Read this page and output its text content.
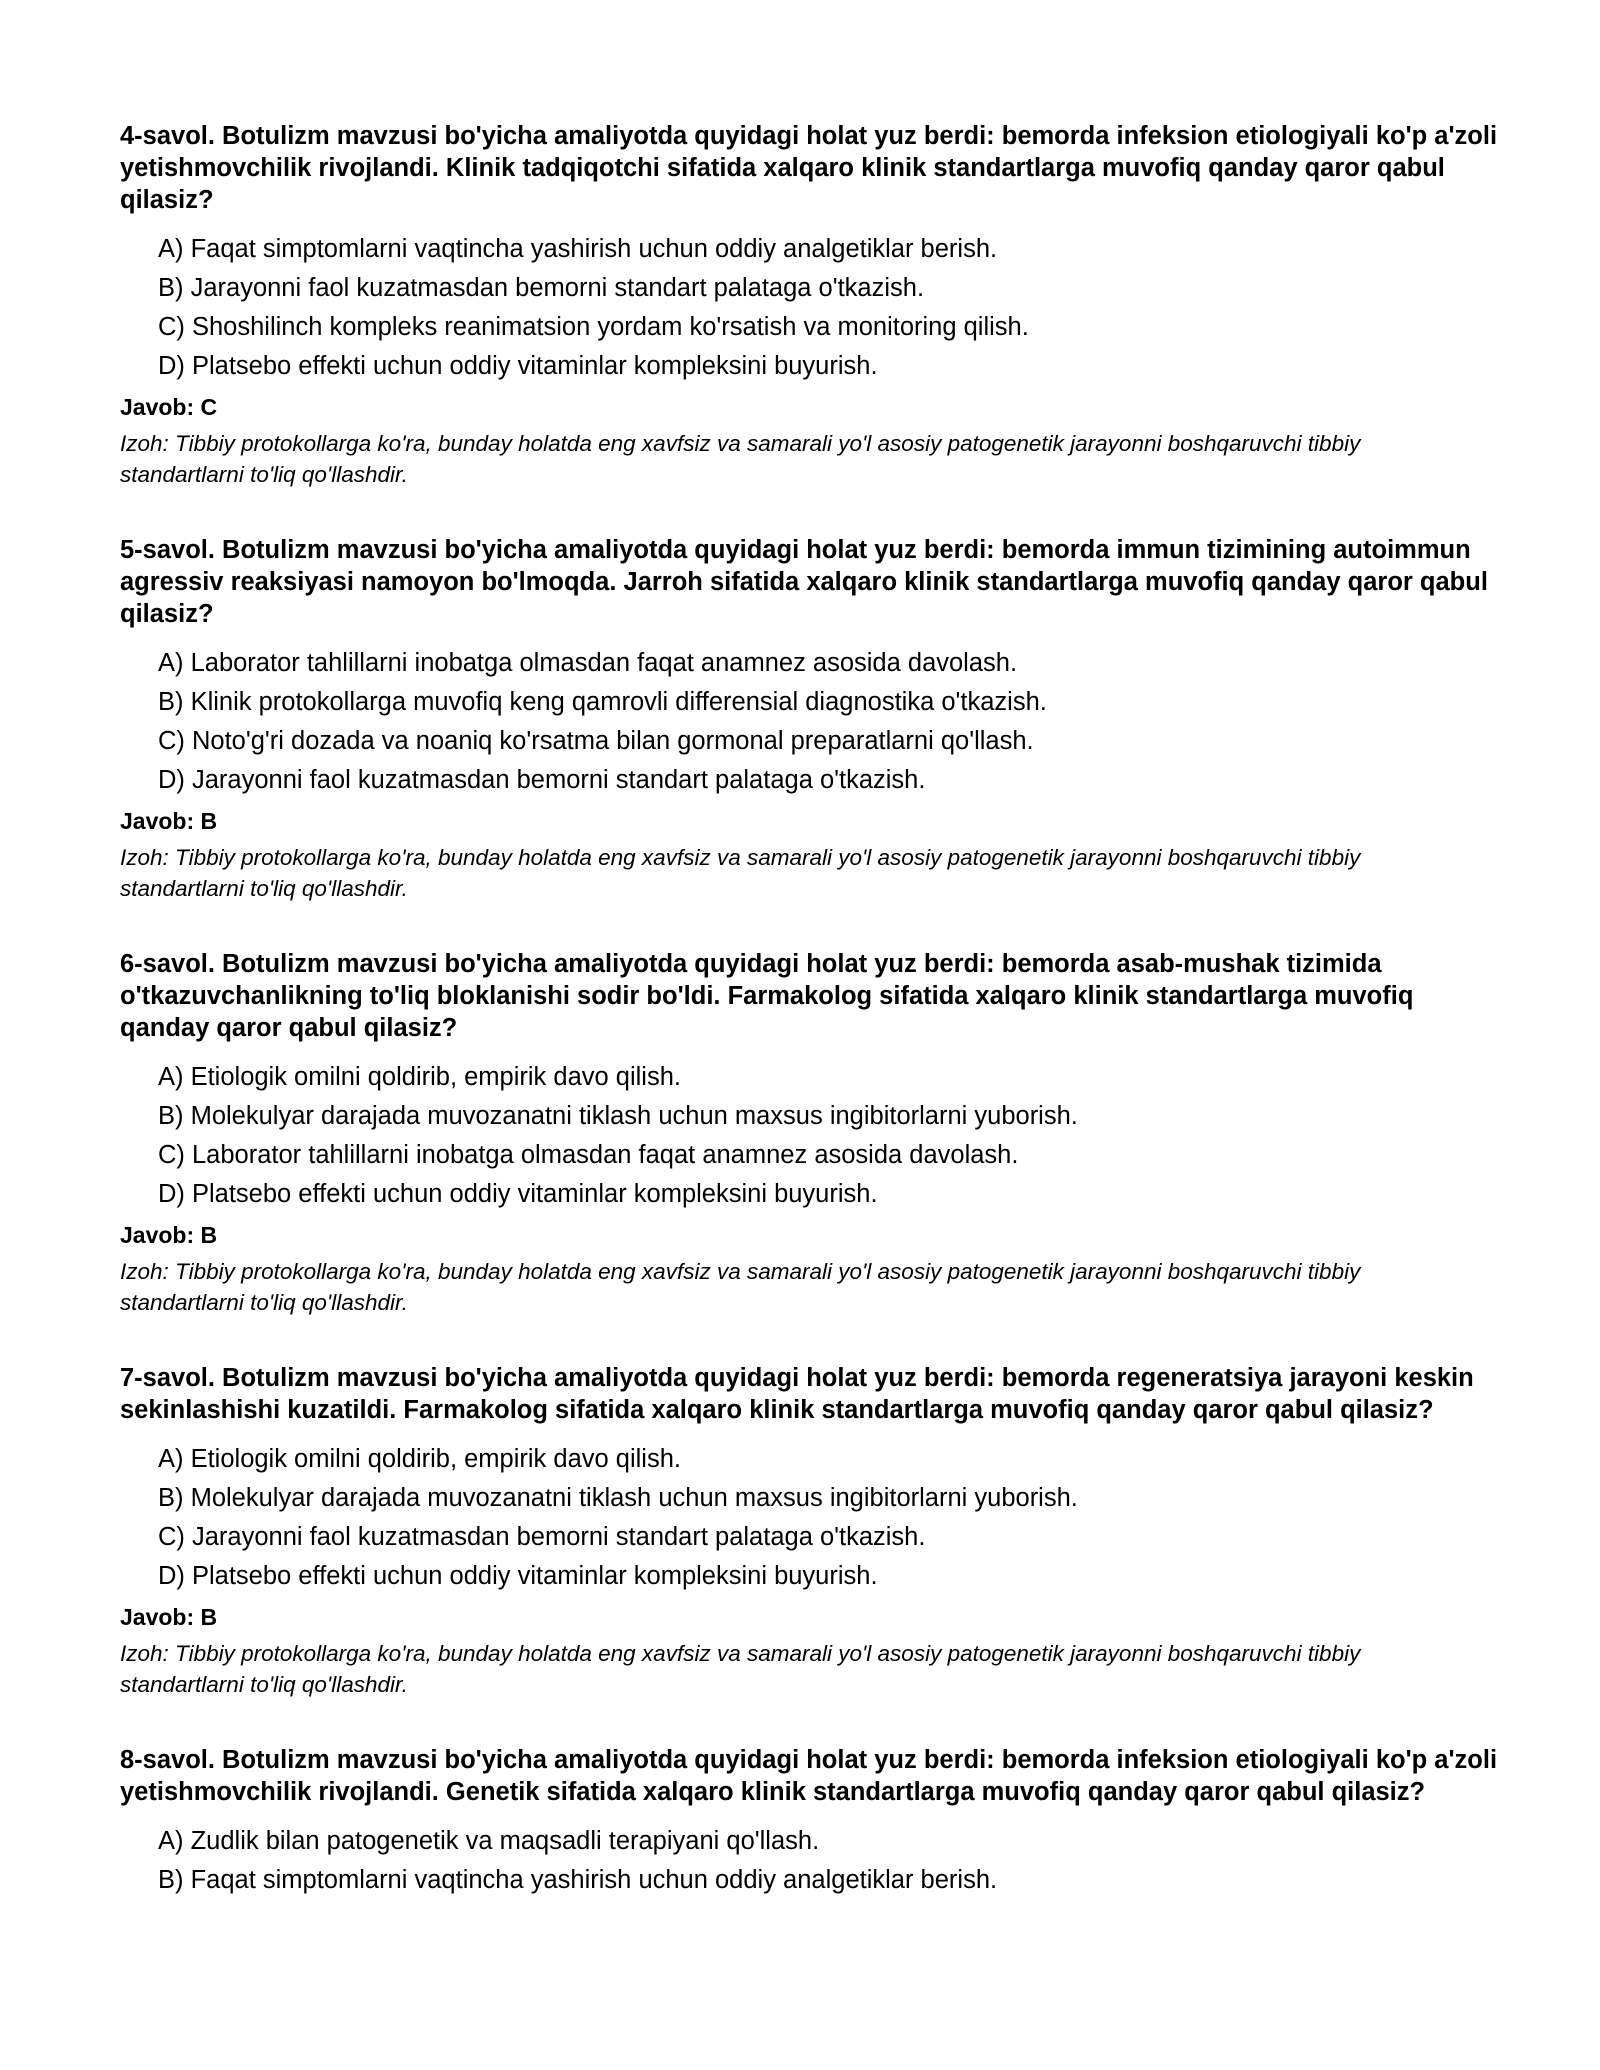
4-savol. Botulizm mavzusi bo'yicha amaliyotda quyidagi holat yuz berdi: bemorda infeksion etiologiyali ko'p a'zoli yetishmovchilik rivojlandi. Klinik tadqiqotchi sifatida xalqaro klinik standartlarga muvofiq qanday qaror qabul qilasiz?
A) Faqat simptomlarni vaqtincha yashirish uchun oddiy analgetiklar berish.
B) Jarayonni faol kuzatmasdan bemorni standart palataga o'tkazish.
C) Shoshilinch kompleks reanimatsion yordam ko'rsatish va monitoring qilish.
D) Platsebo effekti uchun oddiy vitaminlar kompleksini buyurish.
Javob: C
Izoh: Tibbiy protokollarga ko'ra, bunday holatda eng xavfsiz va samarali yo'l asosiy patogenetik jarayonni boshqaruvchi tibbiy standartlarni to'liq qo'llashdir.
5-savol. Botulizm mavzusi bo'yicha amaliyotda quyidagi holat yuz berdi: bemorda immun tizimining autoimmun agressiv reaksiyasi namoyon bo'lmoqda. Jarroh sifatida xalqaro klinik standartlarga muvofiq qanday qaror qabul qilasiz?
A) Laborator tahlillarni inobatga olmasdan faqat anamnez asosida davolash.
B) Klinik protokollarga muvofiq keng qamrovli differensial diagnostika o'tkazish.
C) Noto'g'ri dozada va noaniq ko'rsatma bilan gormonal preparatlarni qo'llash.
D) Jarayonni faol kuzatmasdan bemorni standart palataga o'tkazish.
Javob: B
Izoh: Tibbiy protokollarga ko'ra, bunday holatda eng xavfsiz va samarali yo'l asosiy patogenetik jarayonni boshqaruvchi tibbiy standartlarni to'liq qo'llashdir.
6-savol. Botulizm mavzusi bo'yicha amaliyotda quyidagi holat yuz berdi: bemorda asab-mushak tizimida o'tkazuvchanlikning to'liq bloklanishi sodir bo'ldi. Farmakolog sifatida xalqaro klinik standartlarga muvofiq qanday qaror qabul qilasiz?
A) Etiologik omilni qoldirib, empirik davo qilish.
B) Molekulyar darajada muvozanatni tiklash uchun maxsus ingibitorlarni yuborish.
C) Laborator tahlillarni inobatga olmasdan faqat anamnez asosida davolash.
D) Platsebo effekti uchun oddiy vitaminlar kompleksini buyurish.
Javob: B
Izoh: Tibbiy protokollarga ko'ra, bunday holatda eng xavfsiz va samarali yo'l asosiy patogenetik jarayonni boshqaruvchi tibbiy standartlarni to'liq qo'llashdir.
7-savol. Botulizm mavzusi bo'yicha amaliyotda quyidagi holat yuz berdi: bemorda regeneratsiya jarayoni keskin sekinlashishi kuzatildi. Farmakolog sifatida xalqaro klinik standartlarga muvofiq qanday qaror qabul qilasiz?
A) Etiologik omilni qoldirib, empirik davo qilish.
B) Molekulyar darajada muvozanatni tiklash uchun maxsus ingibitorlarni yuborish.
C) Jarayonni faol kuzatmasdan bemorni standart palataga o'tkazish.
D) Platsebo effekti uchun oddiy vitaminlar kompleksini buyurish.
Javob: B
Izoh: Tibbiy protokollarga ko'ra, bunday holatda eng xavfsiz va samarali yo'l asosiy patogenetik jarayonni boshqaruvchi tibbiy standartlarni to'liq qo'llashdir.
8-savol. Botulizm mavzusi bo'yicha amaliyotda quyidagi holat yuz berdi: bemorda infeksion etiologiyali ko'p a'zoli yetishmovchilik rivojlandi. Genetik sifatida xalqaro klinik standartlarga muvofiq qanday qaror qabul qilasiz?
A) Zudlik bilan patogenetik va maqsadli terapiyani qo'llash.
B) Faqat simptomlarni vaqtincha yashirish uchun oddiy analgetiklar berish.
